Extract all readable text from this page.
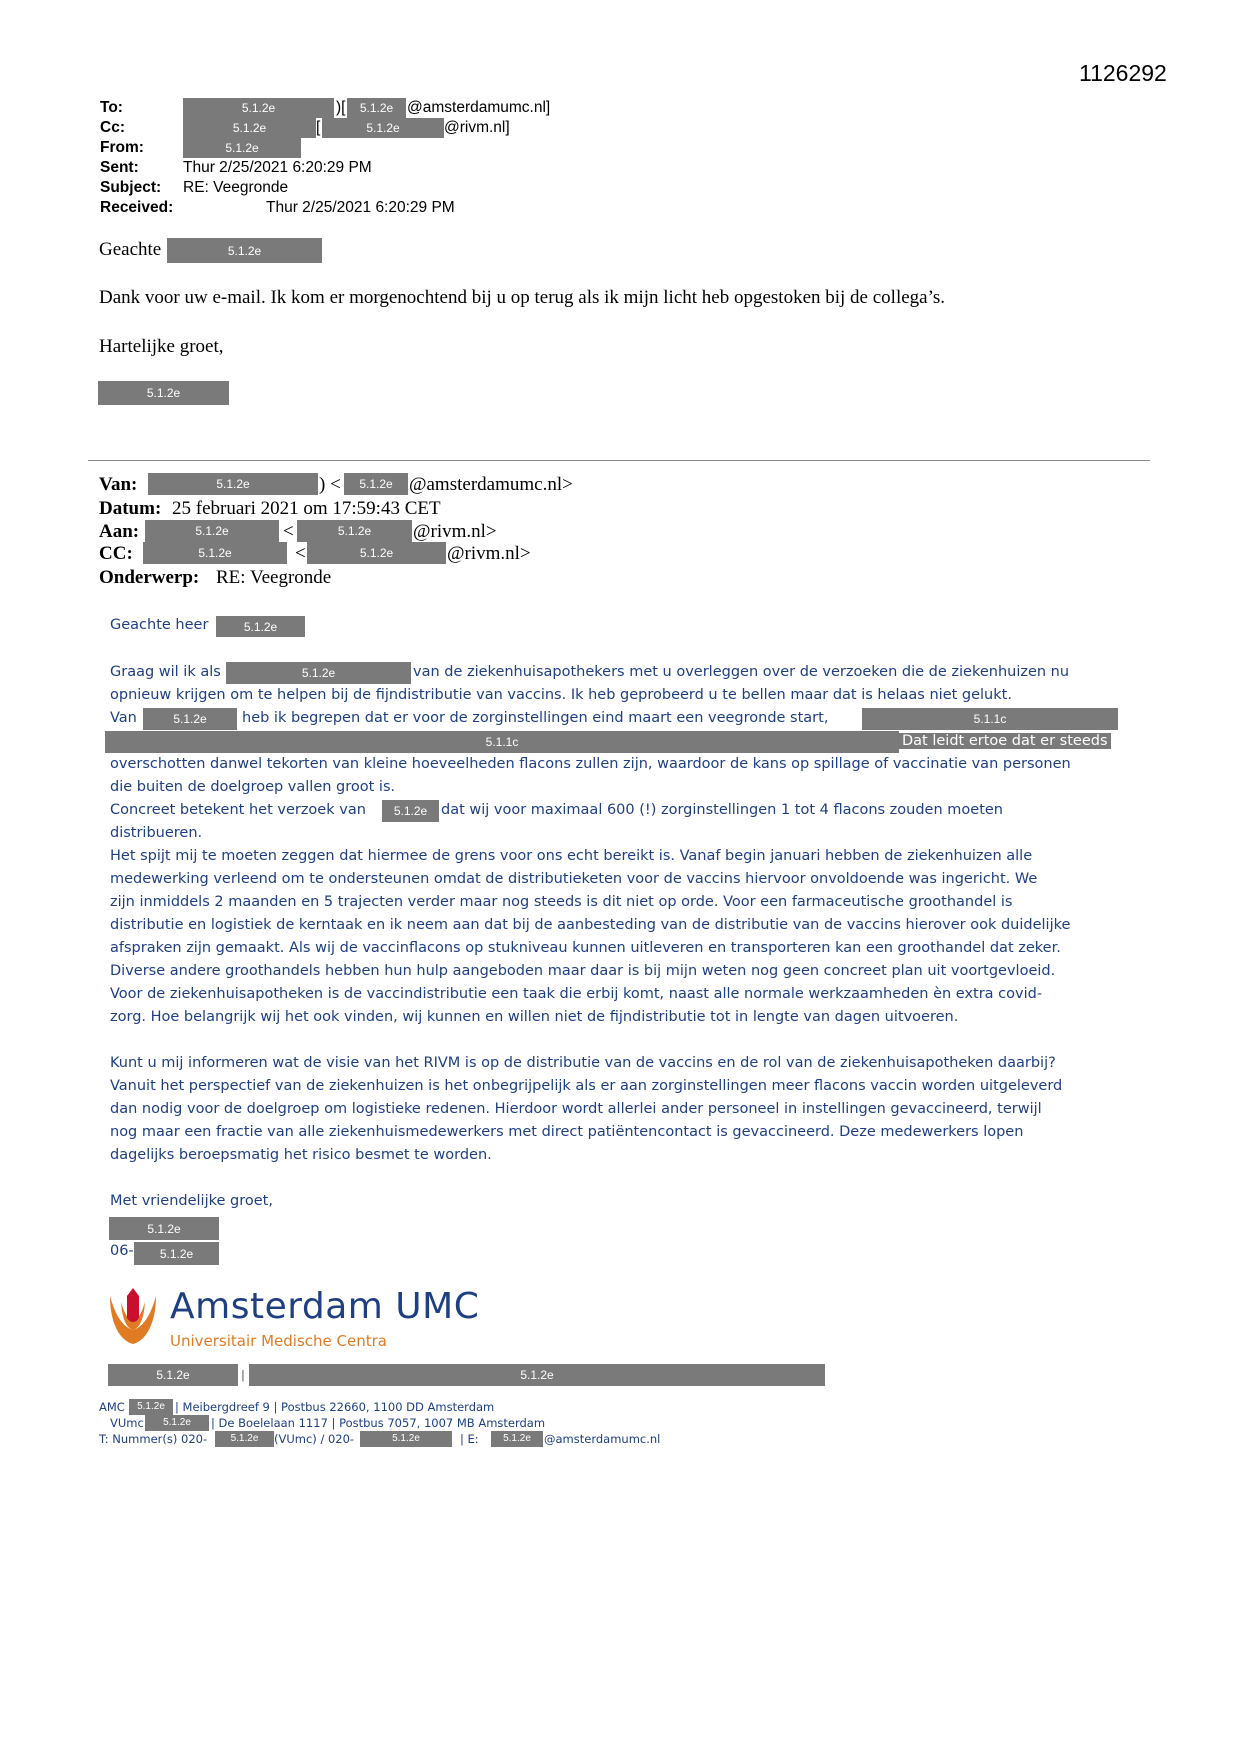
1126292
To:	5.1.2e	)[	5.1.2e @amsterdamumc.nl]
Cc:	5.1.2e	[	5.1.2e	@rivm.nl]
From:	5.1.2e
Sent:	Thur 2/25/2021 6:20:29 PM
Subject: RE: Veegronde
Received:	Thur 2/25/2021 6:20:29 PM
Geachte	5.1.2e
Dank voor uw e-mail. Ik kom er morgenochtend bij u op terug als ik mijn licht heb opgestoken bij de collega’s.
Hartelijke groet,
5.1.2e
Van:	5.1.2e	) <	5.1.2e @amsterdamumc.nl>
Datum: 25 februari 2021 om 17:59:43 CET
Aan:	5.1.2e	<	5.1.2e	@rivm.nl>
CC:	5.1.2e	<	5.1.2e	@rivm.nl>
Onderwerp: RE: Veegronde
Geachte heer	5.1.2e
Graag wil ik als	5.1.2e	van de ziekenhuisapothekers met u overleggen over de verzoeken die de ziekenhuizen nu
opnieuw krijgen om te helpen bij de fijndistributie van vaccins. Ik heb geprobeerd u te bellen maar dat is helaas niet gelukt.
Van	5.1.2e	heb ik begrepen dat er voor de zorginstellingen eind maart een veegronde start,	5.1.1c
5.1.1c	Dat leidt ertoe dat er steeds
overschotten danwel tekorten van kleine hoeveelheden flacons zullen zijn, waardoor de kans op spillage of vaccinatie van personen
die buiten de doelgroep vallen groot is.
Concreet betekent het verzoek van	5.1.2e dat wij voor maximaal 600 (!) zorginstellingen 1 tot 4 flacons zouden moeten
distribueren.
Het spijt mij te moeten zeggen dat hiermee de grens voor ons echt bereikt is. Vanaf begin januari hebben de ziekenhuizen alle
medewerking verleend om te ondersteunen omdat de distributieketen voor de vaccins hiervoor onvoldoende was ingericht. We
zijn inmiddels 2 maanden en 5 trajecten verder maar nog steeds is dit niet op orde. Voor een farmaceutische groothandel is
distributie en logistiek de kerntaak en ik neem aan dat bij de aanbesteding van de distributie van de vaccins hierover ook duidelijke
afspraken zijn gemaakt. Als wij de vaccinflacons op stukniveau kunnen uitleveren en transporteren kan een groothandel dat zeker.
Diverse andere groothandels hebben hun hulp aangeboden maar daar is bij mijn weten nog geen concreet plan uit voortgevloeid.
Voor de ziekenhuisapotheken is de vaccindistributie een taak die erbij komt, naast alle normale werkzaamheden èn extra covid-
zorg. Hoe belangrijk wij het ook vinden, wij kunnen en willen niet de fijndistributie tot in lengte van dagen uitvoeren.
Kunt u mij informeren wat de visie van het RIVM is op de distributie van de vaccins en de rol van de ziekenhuisapotheken daarbij?
Vanuit het perspectief van de ziekenhuizen is het onbegrijpelijk als er aan zorginstellingen meer flacons vaccin worden uitgeleverd
dan nodig voor de doelgroep om logistieke redenen. Hierdoor wordt allerlei ander personeel in instellingen gevaccineerd, terwijl
nog maar een fractie van alle ziekenhuismedewerkers met direct patiëntencontact is gevaccineerd. Deze medewerkers lopen
dagelijks beroepsmatig het risico besmet te worden.
Met vriendelijke groet,
5.1.2e
06-	5.1.2e
Amsterdam UMC
Universitair Medische Centra
5.1.2e	|	5.1.2e
AMC	5.1.2e | Meibergdreef 9 | Postbus 22660, 1100 DD Amsterdam
VUmc	5.1.2e	| De Boelelaan 1117 | Postbus 7057, 1007 MB Amsterdam
T: Nummer(s) 020-	5.1.2e	(VUmc) / 020-	5.1.2e	| E:	5.1.2e	@amsterdamumc.nl
